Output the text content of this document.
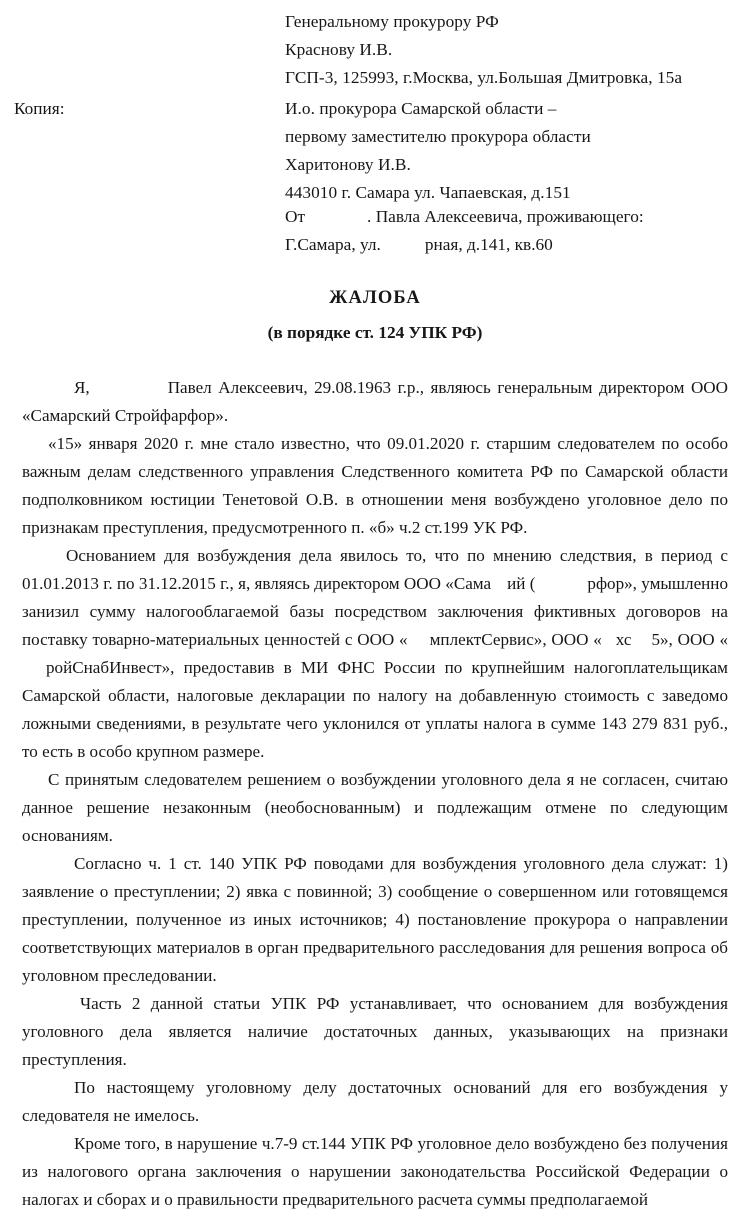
Генеральному прокурору РФ
Краснову И.В.
ГСП-3, 125993, г.Москва, ул.Большая Дмитровка, 15а
Копия:	И.о. прокурора Самарской области –
первому заместителю прокурора области
Харитонову И.В.
443010 г. Самара ул. Чапаевская, д.151
От	. Павла Алексеевича, проживающего:
Г.Самара, ул.	рная, д.141, кв.60
ЖАЛОБА
(в порядке ст. 124 УПК РФ)

Я,	Павел Алексеевич, 29.08.1963 г.р., являюсь генеральным директором ООО «Самарский Стройфарфор».

«15» января 2020 г. мне стало известно, что 09.01.2020 г. старшим следователем по особо важным делам следственного управления Следственного комитета РФ по Самарской области подполковником юстиции Тенетовой О.В. в отношении меня возбуждено уголовное дело по признакам преступления, предусмотренного п. «б» ч.2 ст.199 УК РФ.

Основанием для возбуждения дела явилось то, что по мнению следствия, в период с 01.01.2013 г. по 31.12.2015 г., я, являясь директором ООО «Сама ий (	рфор», умышленно занизил сумму налогооблагаемой базы посредством заключения фиктивных договоров на поставку товарно-материальных ценностей с ООО « мплектСервис», ООО « хс 5», ООО «ройСнабИнвест», предоставив в МИ ФНС России по крупнейшим налогоплательщикам Самарской области, налоговые декларации по налогу на добавленную стоимость с заведомо ложными сведениями, в результате чего уклонился от уплаты налога в сумме 143 279 831 руб., то есть в особо крупном размере.

С принятым следователем решением о возбуждении уголовного дела я не согласен, считаю данное решение незаконным (необоснованным) и подлежащим отмене по следующим основаниям.

Согласно ч. 1 ст. 140 УПК РФ поводами для возбуждения уголовного дела служат: 1) заявление о преступлении; 2) явка с повинной; 3) сообщение о совершенном или готовящемся преступлении, полученное из иных источников; 4) постановление прокурора о направлении соответствующих материалов в орган предварительного расследования для решения вопроса об уголовном преследовании.

Часть 2 данной статьи УПК РФ устанавливает, что основанием для возбуждения уголовного дела является наличие достаточных данных, указывающих на признаки преступления.

По настоящему уголовному делу достаточных оснований для его возбуждения у следователя не имелось.

Кроме того, в нарушение ч.7-9 ст.144 УПК РФ уголовное дело возбуждено без получения из налогового органа заключения о нарушении законодательства Российской Федерации о налогах и сборах и о правильности предварительного расчета суммы предполагаемой
